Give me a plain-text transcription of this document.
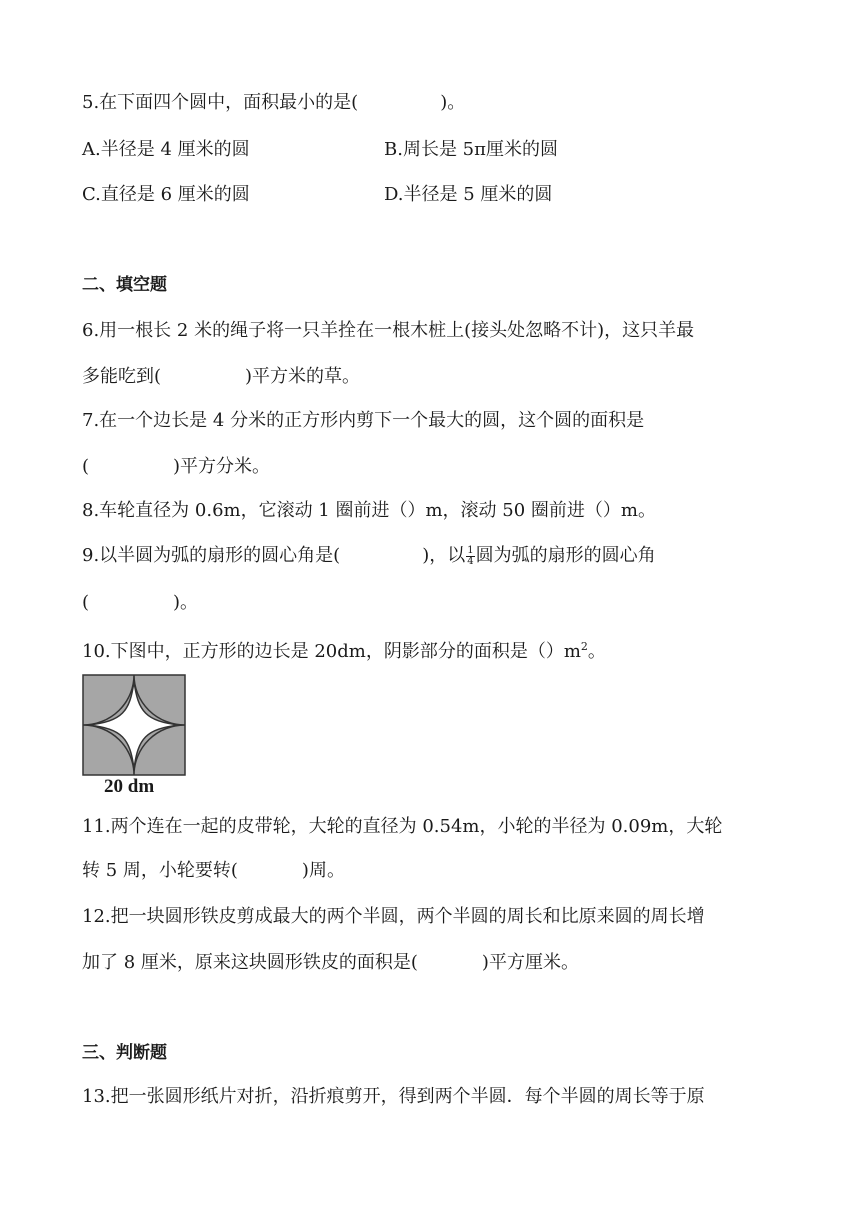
5.在下面四个圆中，面积最小的是(	)。
A.半径是 4 厘米的圆	B.周长是 5π厘米的圆
C.直径是 6 厘米的圆	D.半径是 5 厘米的圆
二、填空题
6.用一根长 2 米的绳子将一只羊拴在一根木桩上(接头处忽略不计)，这只羊最
多能吃到(	)平方米的草。
7.在一个边长是 4 分米的正方形内剪下一个最大的圆，这个圆的面积是
(	)平方分米。
8.车轮直径为 0.6m，它滚动 1 圈前进（）m，滚动 50 圈前进（）m。
9.以半圆为弧的扇形的圆心角是(	)，以 $\frac{1}{4}$ 圆为弧的扇形的圆心角
(	)。
10.下图中，正方形的边长是 20dm，阴影部分的面积是$()m^2$。
20 dm
11.两个连在一起的皮带轮，大轮的直径为 0.54m，小轮的半径为 0.09m，大轮
转 5 周，小轮要转(	)周。
12.把一块圆形铁皮剪成最大的两个半圆，两个半圆的周长和比原来圆的周长增
加了 8 厘米，原来这块圆形铁皮的面积是(	)平方厘米。
三、判断题
13.把一张圆形纸片对折，沿折痕剪开，得到两个半圆．每个半圆的周长等于原
